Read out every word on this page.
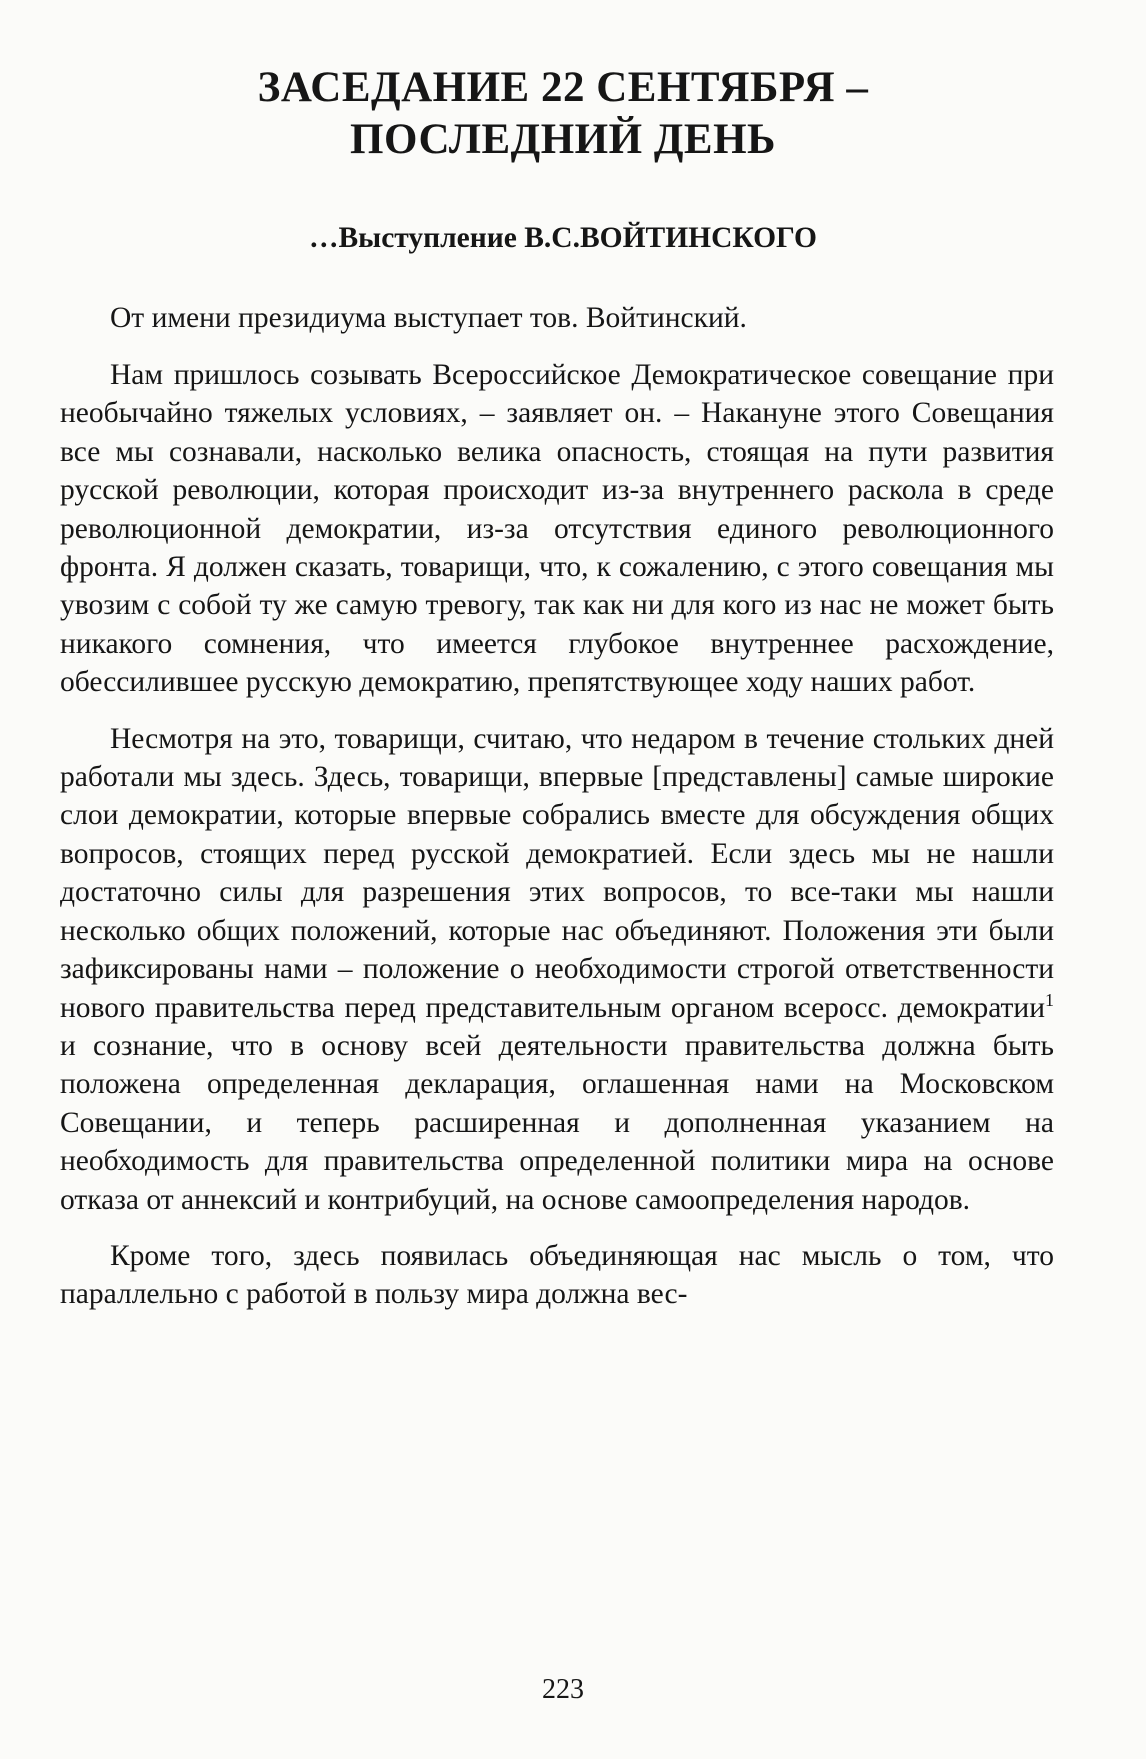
ЗАСЕДАНИЕ 22 СЕНТЯБРЯ –
ПОСЛЕДНИЙ ДЕНЬ
…Выступление В.С.ВОЙТИНСКОГО

От имени президиума выступает тов. Войтинский.

Нам пришлось созывать Всероссийское Демократическое совещание при необычайно тяжелых условиях, – заявляет он. – Накануне этого Совещания все мы сознавали, насколько велика опасность, стоящая на пути развития русской революции, которая происходит из-за внутреннего раскола в среде революционной демократии, из-за отсутствия единого революционного фронта. Я должен сказать, товарищи, что, к сожалению, с этого совещания мы увозим с собой ту же самую тревогу, так как ни для кого из нас не может быть никакого сомнения, что имеется глубокое внутреннее расхождение, обессилившее русскую демократию, препятствующее ходу наших работ.

Несмотря на это, товарищи, считаю, что недаром в течение стольких дней работали мы здесь. Здесь, товарищи, впервые [представлены] самые широкие слои демократии, которые впервые собрались вместе для обсуждения общих вопросов, стоящих перед русской демократией. Если здесь мы не нашли достаточно силы для разрешения этих вопросов, то все-таки мы нашли несколько общих положений, которые нас объединяют. Положения эти были зафиксированы нами – положение о необходимости строгой ответственности нового правительства перед представительным органом всеросс. демократии$^1$ и сознание, что в основу всей деятельности правительства должна быть положена определенная декларация, оглашенная нами на Московском Совещании, и теперь расширенная и дополненная указанием на необходимость для правительства определенной политики мира на основе отказа от аннексий и контрибуций, на основе самоопределения народов.

Кроме того, здесь появилась объединяющая нас мысль о том, что параллельно с работой в пользу мира должна вес-

223
